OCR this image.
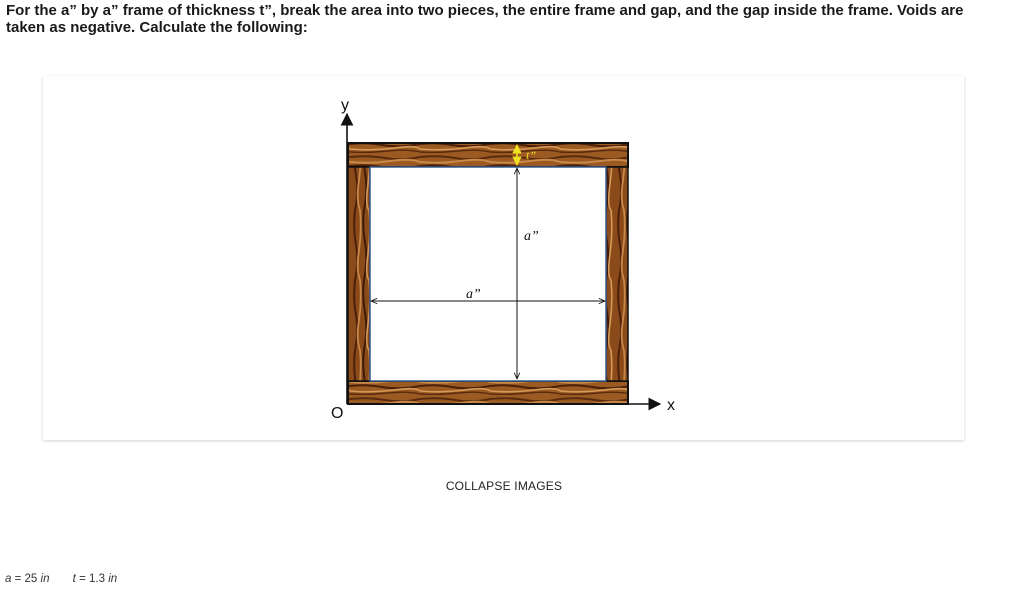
For the a” by a” frame of thickness t”, break the area into two pieces, the entire frame and gap, and the gap inside the frame. Voids are taken as negative. Calculate the following:

y
x
O
t”
a”
a”
COLLAPSE IMAGES
a = 25 in t = 1.3 in
